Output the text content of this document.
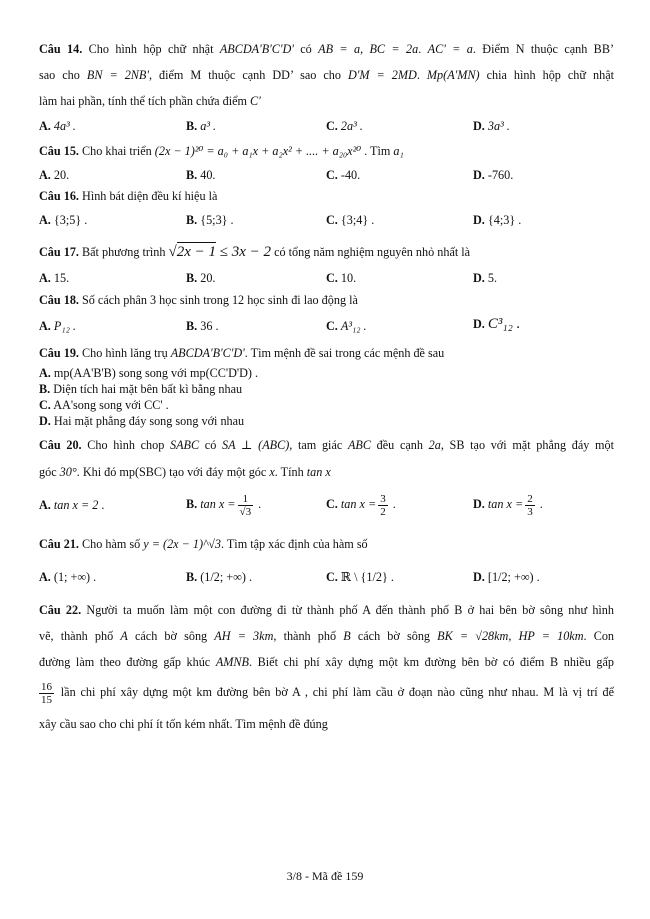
Câu 14. Cho hình hộp chữ nhật ABCDA'B'C'D' có AB = a, BC = 2a. AC' = a. Điểm N thuộc cạnh BB’
sao cho BN = 2NB', điểm M thuộc cạnh DD’ sao cho D'M = 2MD. Mp(A'MN) chia hình hộp chữ nhật
làm hai phần, tính thể tích phần chứa điểm C'
A. 4a³ .	B. a³ .	C. 2a³ .	D. 3a³ .
Câu 15. Cho khai triển (2x − 1)²⁰ = a₀ + a₁x + a₂x² + .... + a₂₀x²⁰ . Tìm a₁
A. 20.	B. 40.	C. -40.	D. -760.
Câu 16. Hình bát diện đều kí hiệu là
A. {3;5} .	B. {5;3} .	C. {3;4} .	D. {4;3} .
Câu 17. Bất phương trình √2x − 1 ≤ 3x − 2 có tổng năm nghiệm nguyên nhỏ nhất là
A. 15.	B. 20.	C. 10.	D. 5.
Câu 18. Số cách phân 3 học sinh trong 12 học sinh đi lao động là
A. P₁₂ .	B. 36 .	C. A³₁₂ .	D. C³₁₂ .
Câu 19. Cho hình lăng trụ ABCDA'B'C'D'. Tìm mệnh đề sai trong các mệnh đề sau
A. mp(AA'B'B) song song với mp(CC'D'D) .
B. Diện tích hai mặt bên bất kì bằng nhau
C. AA'song song với CC' .
D. Hai mặt phẳng đáy song song với nhau
Câu 20. Cho hình chop SABC có SA ⊥ (ABC), tam giác ABC đều cạnh 2a, SB tạo với mặt phẳng đáy một
góc 30°. Khi đó mp(SBC) tạo với đáy một góc x. Tính tan x
A. tan x = 2 .	B. $\tan x = \frac{1}{√3}$ .	C. $\tan x = \frac{3}{2}$ .	D. $\tan x = \frac{2}{3}$ .
Câu 21. Cho hàm số y = (2x − 1)^√3. Tìm tập xác định của hàm số
A. (1; +∞) .	B. (1/2; +∞) .	C. ℝ \ {1/2} .	D. [1/2; +∞) .
Câu 22. Người ta muốn làm một con đường đi từ thành phố A đến thành phố B ở hai bên bờ sông như hình
vẽ, thành phố A cách bờ sông AH = 3km, thành phố B cách bờ sông BK = √28km, HP = 10km. Con
đường làm theo đường gấp khúc AMNB. Biết chi phí xây dựng một km đường bên bờ có điểm B nhiều gấp
$\frac{16}{15}$ lần chi phí xây dựng một km đường bên bờ A , chi phí làm cầu ở đoạn nào cũng như nhau. M là vị trí để
xây cầu sao cho chi phí ít tốn kém nhất. Tìm mệnh đề đúng
3/8 - Mã đề 159
